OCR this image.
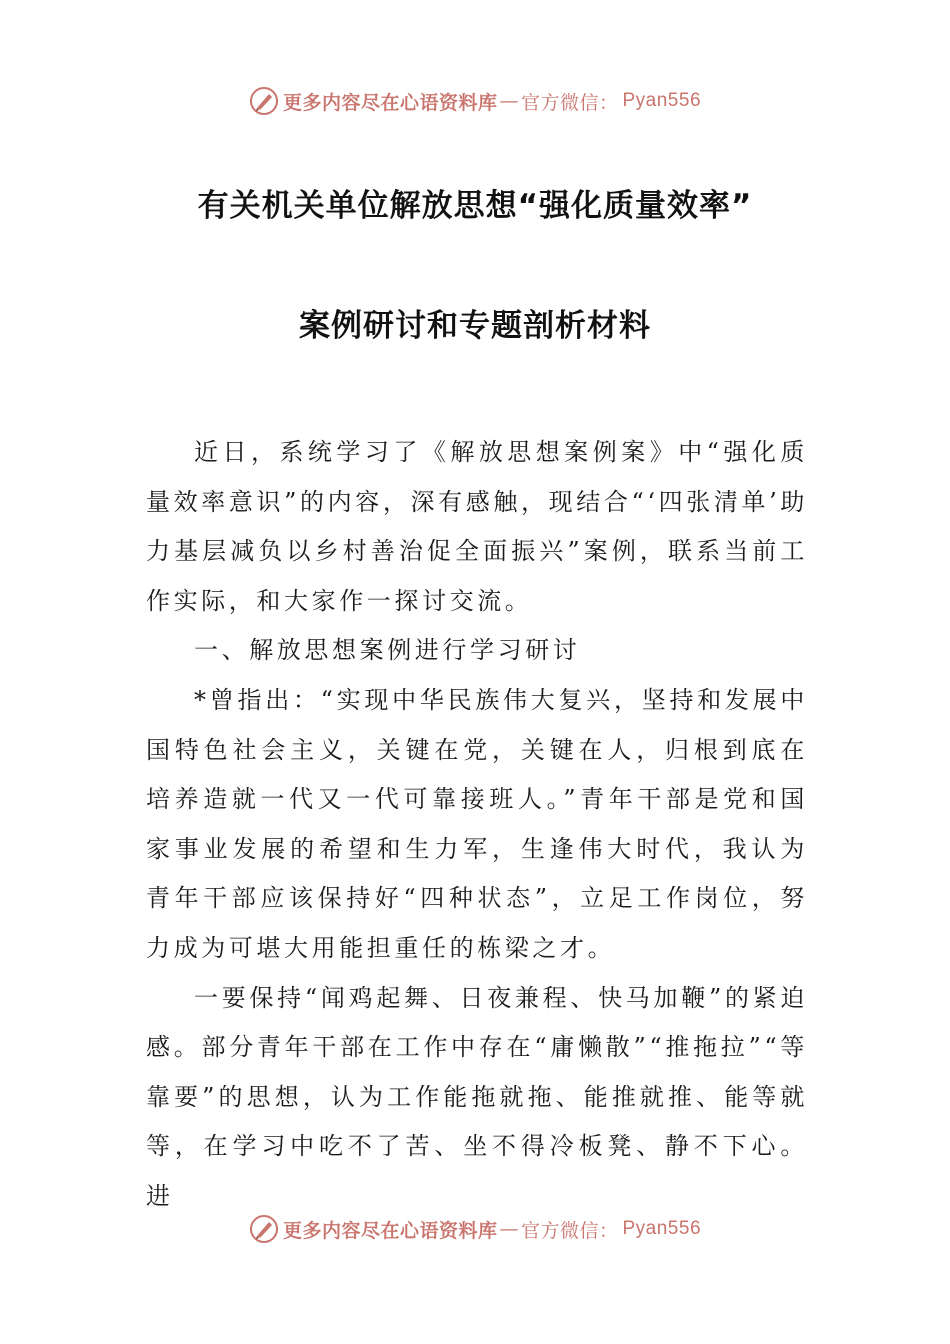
更多内容尽在心语资料库 — 官方微信： Pyan556
有关机关单位解放思想“强化质量效率”
案例研讨和专题剖析材料

近日，系统学习了《解放思想案例案》中“强化质量效率意识”的内容，深有感触，现结合“‘四张清单’助力基层减负以乡村善治促全面振兴”案例，联系当前工作实际，和大家作一探讨交流。

一、解放思想案例进行学习研讨

*曾指出：“实现中华民族伟大复兴，坚持和发展中国特色社会主义，关键在党，关键在人，归根到底在培养造就一代又一代可靠接班人。”青年干部是党和国家事业发展的希望和生力军，生逢伟大时代，我认为青年干部应该保持好“四种状态”，立足工作岗位，努力成为可堪大用能担重任的栋梁之才。

一要保持“闻鸡起舞、日夜兼程、快马加鞭”的紧迫感。部分青年干部在工作中存在“庸懒散”“推拖拉”“等靠要”的思想，认为工作能拖就拖、能推就推、能等就等，在学习中吃不了苦、坐不得冷板凳、静不下心。进

更多内容尽在心语资料库 — 官方微信： Pyan556
